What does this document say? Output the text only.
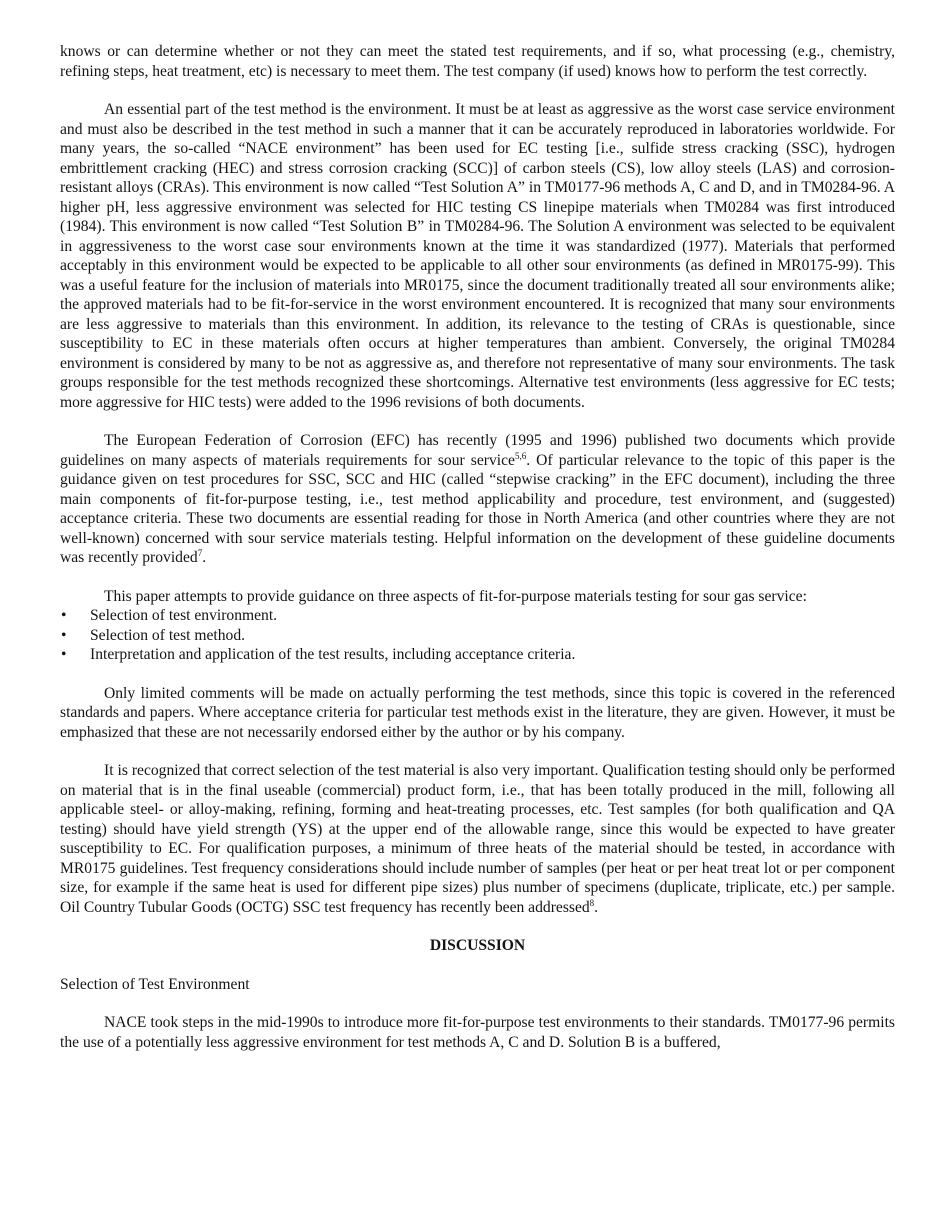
knows or can determine whether or not they can meet the stated test requirements, and if so, what processing (e.g., chemistry, refining steps, heat treatment, etc) is necessary to meet them. The test company (if used) knows how to perform the test correctly.

An essential part of the test method is the environment. It must be at least as aggressive as the worst case service environment and must also be described in the test method in such a manner that it can be accurately reproduced in laboratories worldwide. For many years, the so-called “NACE environment” has been used for EC testing [i.e., sulfide stress cracking (SSC), hydrogen embrittlement cracking (HEC) and stress corrosion cracking (SCC)] of carbon steels (CS), low alloy steels (LAS) and corrosion-resistant alloys (CRAs). This environment is now called “Test Solution A” in TM0177-96 methods A, C and D, and in TM0284-96. A higher pH, less aggressive environment was selected for HIC testing CS linepipe materials when TM0284 was first introduced (1984). This environment is now called “Test Solution B” in TM0284-96. The Solution A environment was selected to be equivalent in aggressiveness to the worst case sour environments known at the time it was standardized (1977). Materials that performed acceptably in this environment would be expected to be applicable to all other sour environments (as defined in MR0175-99). This was a useful feature for the inclusion of materials into MR0175, since the document traditionally treated all sour environments alike; the approved materials had to be fit-for-service in the worst environment encountered. It is recognized that many sour environments are less aggressive to materials than this environment. In addition, its relevance to the testing of CRAs is questionable, since susceptibility to EC in these materials often occurs at higher temperatures than ambient. Conversely, the original TM0284 environment is considered by many to be not as aggressive as, and therefore not representative of many sour environments. The task groups responsible for the test methods recognized these shortcomings. Alternative test environments (less aggressive for EC tests; more aggressive for HIC tests) were added to the 1996 revisions of both documents.

The European Federation of Corrosion (EFC) has recently (1995 and 1996) published two documents which provide guidelines on many aspects of materials requirements for sour service$^{5,6}$. Of particular relevance to the topic of this paper is the guidance given on test procedures for SSC, SCC and HIC (called “stepwise cracking” in the EFC document), including the three main components of fit-for-purpose testing, i.e., test method applicability and procedure, test environment, and (suggested) acceptance criteria. These two documents are essential reading for those in North America (and other countries where they are not well-known) concerned with sour service materials testing. Helpful information on the development of these guideline documents was recently provided$^7$.

This paper attempts to provide guidance on three aspects of fit-for-purpose materials testing for sour gas service:

• Selection of test environment.
• Selection of test method.
• Interpretation and application of the test results, including acceptance criteria.

Only limited comments will be made on actually performing the test methods, since this topic is covered in the referenced standards and papers. Where acceptance criteria for particular test methods exist in the literature, they are given. However, it must be emphasized that these are not necessarily endorsed either by the author or by his company.

It is recognized that correct selection of the test material is also very important. Qualification testing should only be performed on material that is in the final useable (commercial) product form, i.e., that has been totally produced in the mill, following all applicable steel- or alloy-making, refining, forming and heat-treating processes, etc. Test samples (for both qualification and QA testing) should have yield strength (YS) at the upper end of the allowable range, since this would be expected to have greater susceptibility to EC. For qualification purposes, a minimum of three heats of the material should be tested, in accordance with MR0175 guidelines. Test frequency considerations should include number of samples (per heat or per heat treat lot or per component size, for example if the same heat is used for different pipe sizes) plus number of specimens (duplicate, triplicate, etc.) per sample. Oil Country Tubular Goods (OCTG) SSC test frequency has recently been addressed$^8$.

DISCUSSION
Selection of Test Environment

NACE took steps in the mid-1990s to introduce more fit-for-purpose test environments to their standards. TM0177-96 permits the use of a potentially less aggressive environment for test methods A, C and D. Solution B is a buffered,
